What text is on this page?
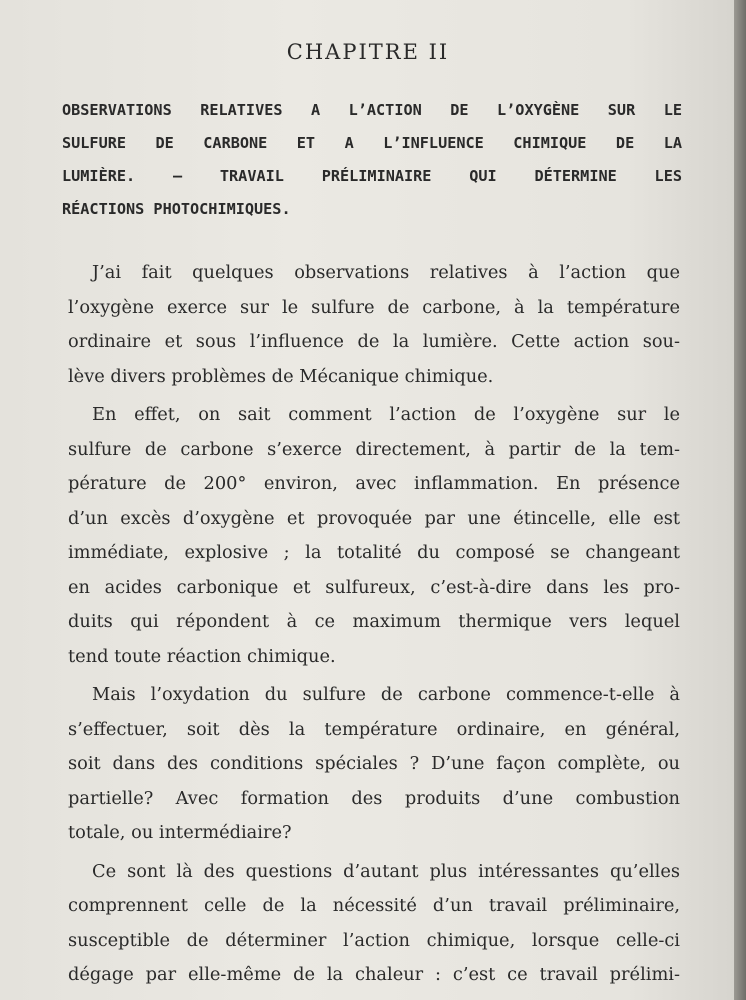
CHAPITRE II
OBSERVATIONS RELATIVES A L’ACTION DE L’OXYGÈNE SUR LE
SULFURE DE CARBONE ET A L’INFLUENCE CHIMIQUE DE LA
LUMIÈRE. — TRAVAIL PRÉLIMINAIRE QUI DÉTERMINE LES
RÉACTIONS PHOTOCHIMIQUES.
J’ai fait quelques observations relatives à l’action que
l’oxygène exerce sur le sulfure de carbone, à la température
ordinaire et sous l’influence de la lumière. Cette action sou-
lève divers problèmes de Mécanique chimique.
En effet, on sait comment l’action de l’oxygène sur le
sulfure de carbone s’exerce directement, à partir de la tem-
pérature de 200° environ, avec inflammation. En présence
d’un excès d’oxygène et provoquée par une étincelle, elle est
immédiate, explosive ; la totalité du composé se changeant
en acides carbonique et sulfureux, c’est-à-dire dans les pro-
duits qui répondent à ce maximum thermique vers lequel
tend toute réaction chimique.
Mais l’oxydation du sulfure de carbone commence-t-elle à
s’effectuer, soit dès la température ordinaire, en général,
soit dans des conditions spéciales ? D’une façon complète, ou
partielle? Avec formation des produits d’une combustion
totale, ou intermédiaire?
Ce sont là des questions d’autant plus intéressantes qu’elles
comprennent celle de la nécessité d’un travail préliminaire,
susceptible de déterminer l’action chimique, lorsque celle-ci
dégage par elle-même de la chaleur : c’est ce travail prélimi-
